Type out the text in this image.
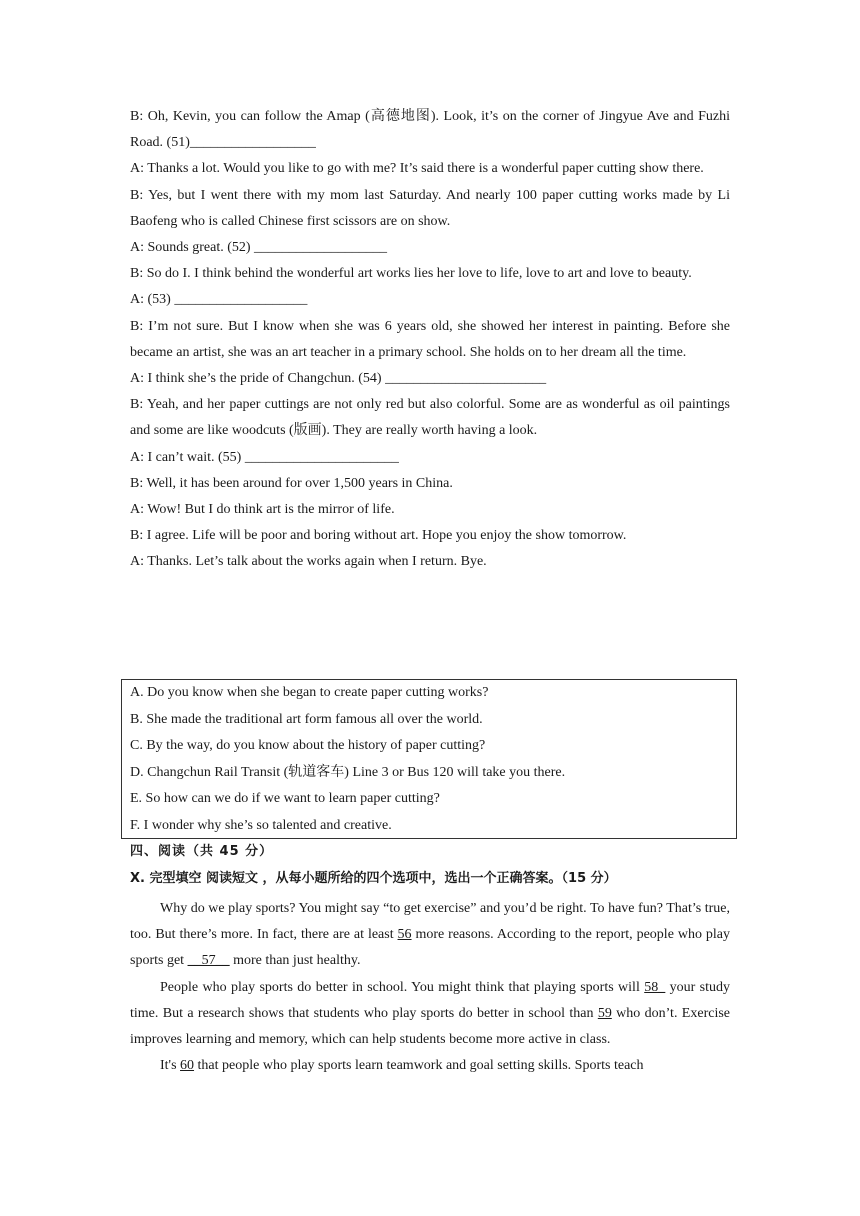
B: Oh, Kevin, you can follow the Amap (高德地图). Look, it’s on the corner of Jingyue Ave and Fuzhi Road. (51)__________________
A: Thanks a lot. Would you like to go with me? It’s said there is a wonderful paper cutting show there.
B: Yes, but I went there with my mom last Saturday. And nearly 100 paper cutting works made by Li Baofeng who is called Chinese first scissors are on show.
A: Sounds great. (52) ___________________
B: So do I. I think behind the wonderful art works lies her love to life, love to art and love to beauty.
A: (53) ___________________
B: I’m not sure. But I know when she was 6 years old, she showed her interest in painting. Before she became an artist, she was an art teacher in a primary school. She holds on to her dream all the time.
A: I think she’s the pride of Changchun. (54) _______________________
B: Yeah, and her paper cuttings are not only red but also colorful. Some are as wonderful as oil paintings and some are like woodcuts (版画). They are really worth having a look.
A: I can’t wait. (55) ______________________
B: Well, it has been around for over 1,500 years in China.
A: Wow! But I do think art is the mirror of life.
B: I agree. Life will be poor and boring without art. Hope you enjoy the show tomorrow.
A: Thanks. Let’s talk about the works again when I return. Bye.
A. Do you know when she began to create paper cutting works?
B. She made the traditional art form famous all over the world.
C. By the way, do you know about the history of paper cutting?
D. Changchun Rail Transit (轨道客车) Line 3 or Bus 120 will take you there.
E. So how can we do if we want to learn paper cutting?
F. I wonder why she’s so talented and creative.
四、阅读（共 45 分）
X. 完型填空 阅读短文 ，从每小题所给的四个选项中，选出一个正确答案。（15 分）

Why do we play sports? You might say “to get exercise” and you’d be right. To have fun? That’s true, too. But there’s more. In fact, there are at least 56 more reasons. According to the report, people who play sports get __57__ more than just healthy.

People who play sports do better in school. You might think that playing sports will 58_ your study time. But a research shows that students who play sports do better in school than 59 who don’t. Exercise improves learning and memory, which can help students become more active in class.

It's 60 that people who play sports learn teamwork and goal setting skills. Sports teach
